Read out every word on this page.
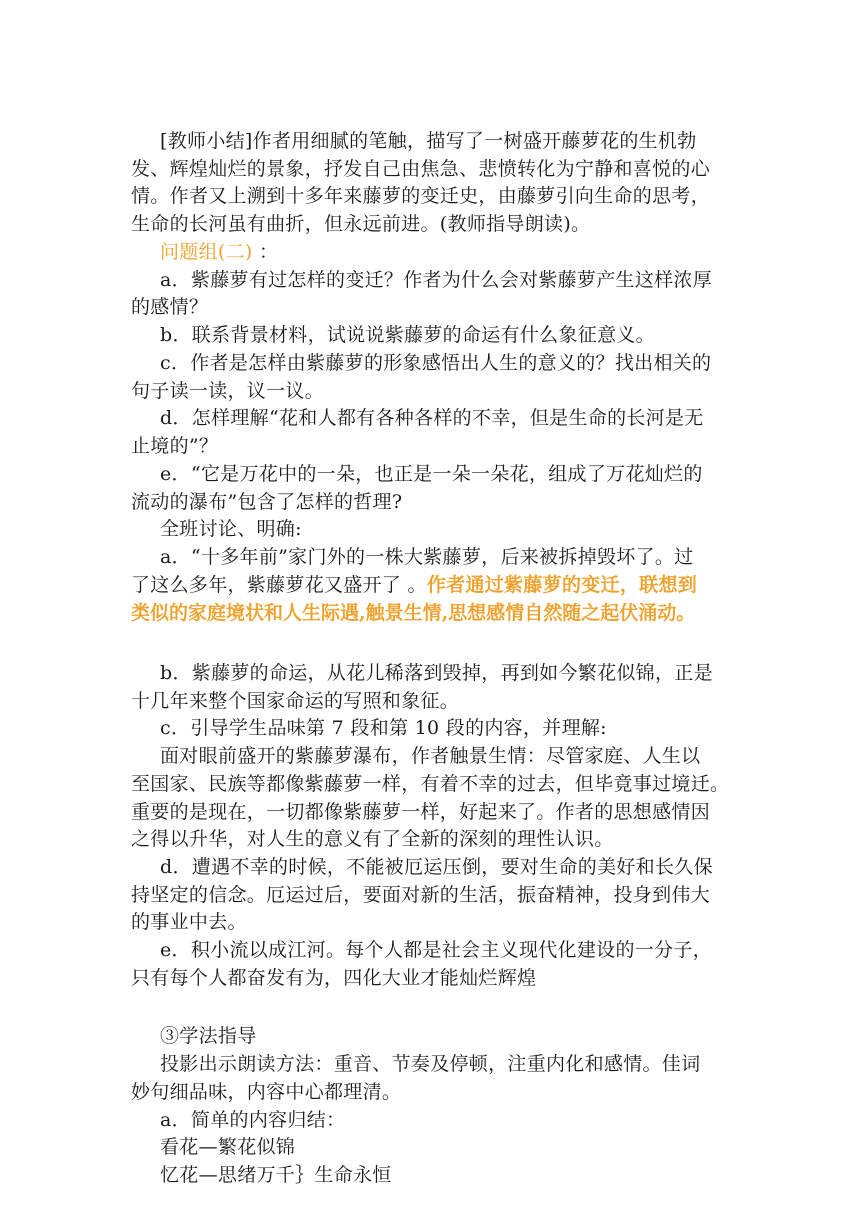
[教师小结]作者用细腻的笔触，描写了一树盛开藤萝花的生机勃
发、辉煌灿烂的景象，抒发自己由焦急、悲愤转化为宁静和喜悦的心
情。作者又上溯到十多年来藤萝的变迁史，由藤萝引向生命的思考，
生命的长河虽有曲折，但永远前进。(教师指导朗读)。
问题组(二) ：
a．紫藤萝有过怎样的变迁？作者为什么会对紫藤萝产生这样浓厚
的感情？
b．联系背景材料，试说说紫藤萝的命运有什么象征意义。
c．作者是怎样由紫藤萝的形象感悟出人生的意义的？找出相关的
句子读一读，议一议。
d．怎样理解“花和人都有各种各样的不幸，但是生命的长河是无
止境的”？
e．“它是万花中的一朵，也正是一朵一朵花，组成了万花灿烂的
流动的瀑布”包含了怎样的哲理?
全班讨论、明确:
a．“十多年前”家门外的一株大紫藤萝，后来被拆掉毁坏了。过
了这么多年，紫藤萝花又盛开了 。作者通过紫藤萝的变迁，联想到
类似的家庭境状和人生际遇,触景生情,思想感情自然随之起伏涌动。
b．紫藤萝的命运，从花儿稀落到毁掉，再到如今繁花似锦，正是
十几年来整个国家命运的写照和象征。
c．引导学生品味第 7 段和第 10 段的内容，并理解:
面对眼前盛开的紫藤萝瀑布，作者触景生情：尽管家庭、人生以
至国家、民族等都像紫藤萝一样，有着不幸的过去，但毕竟事过境迁。
重要的是现在，一切都像紫藤萝一样，好起来了。作者的思想感情因
之得以升华，对人生的意义有了全新的深刻的理性认识。
d．遭遇不幸的时候，不能被厄运压倒，要对生命的美好和长久保
持坚定的信念。厄运过后，要面对新的生活，振奋精神，投身到伟大
的事业中去。
e．积小流以成江河。每个人都是社会主义现代化建设的一分子，
只有每个人都奋发有为，四化大业才能灿烂辉煌
③学法指导
投影出示朗读方法：重音、节奏及停顿，注重内化和感情。佳词
妙句细品味，内容中心都理清。
a．简单的内容归结：
看花—繁花似锦
忆花—思绪万千｝生命永恒
